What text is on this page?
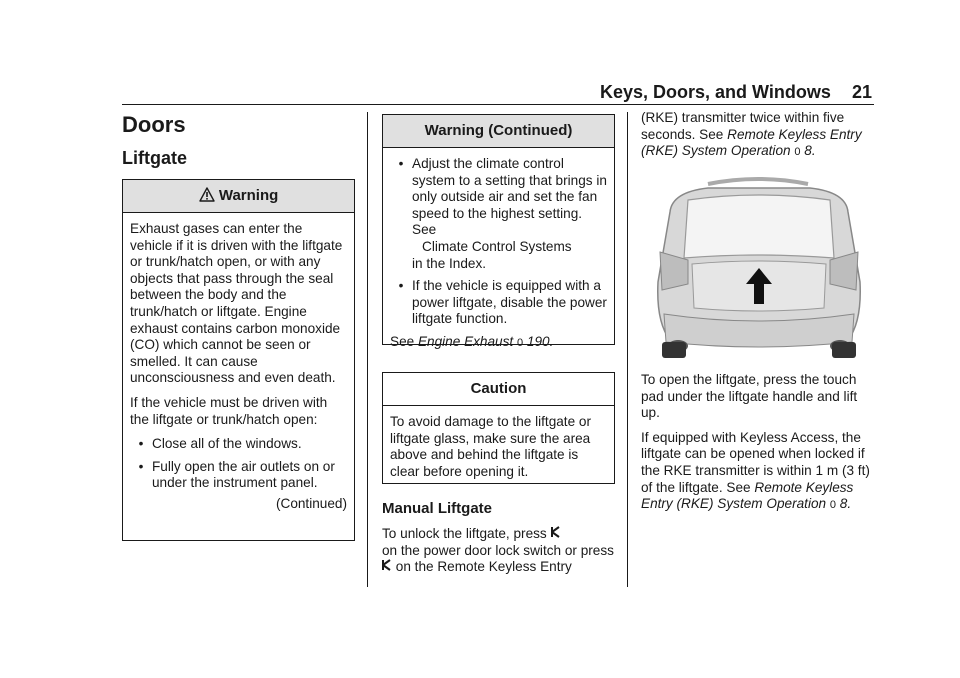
Keys, Doors, and Windows 21
Doors
Liftgate
Warning

Exhaust gases can enter the vehicle if it is driven with the liftgate or trunk/hatch open, or with any objects that pass through the seal between the body and the trunk/hatch or liftgate. Engine exhaust contains carbon monoxide (CO) which cannot be seen or smelled. It can cause unconsciousness and even death.

If the vehicle must be driven with the liftgate or trunk/hatch open:

• Close all of the windows.
• Fully open the air outlets on or under the instrument panel.
(Continued)
Warning (Continued)
• Adjust the climate control system to a setting that brings in only outside air and set the fan speed to the highest setting. See
Climate Control Systems
in the Index.
• If the vehicle is equipped with a power liftgate, disable the power liftgate function.

See Engine Exhaust 0 190.

Caution

To avoid damage to the liftgate or liftgate glass, make sure the area above and behind the liftgate is clear before opening it.

Manual Liftgate
To unlock the liftgate, press
on the power door lock switch or press
on the Remote Keyless Entry
(RKE) transmitter twice within five seconds. See Remote Keyless Entry (RKE) System Operation 0 8.

To open the liftgate, press the touch pad under the liftgate handle and lift up.

If equipped with Keyless Access, the liftgate can be opened when locked if the RKE transmitter is within 1 m (3 ft) of the liftgate. See Remote Keyless Entry (RKE) System Operation 0 8.
